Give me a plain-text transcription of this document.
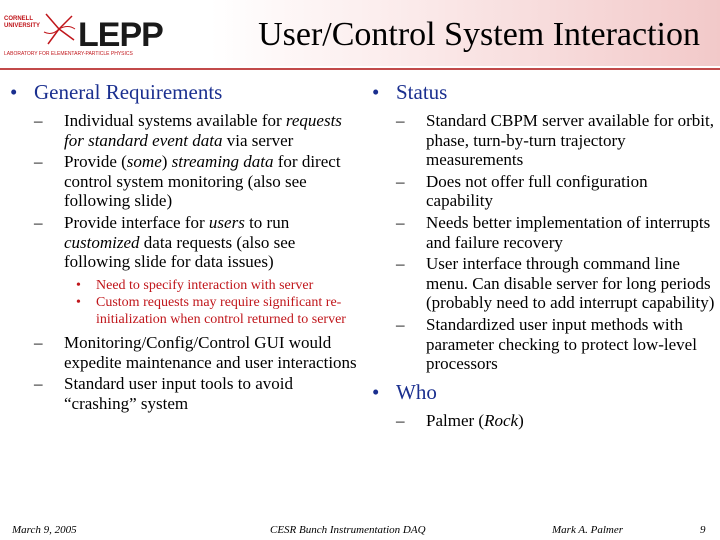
CORNELL
UNIVERSITY LEPP
LABORATORY FOR ELEMENTARY-PARTICLE PHYSICS
User/Control System Interaction
• General Requirements
– Individual systems available for requests for standard event data via server
– Provide (some) streaming data for direct control system monitoring (also see following slide)
– Provide interface for users to run customized data requests (also see following slide for data issues)
• Need to specify interaction with server
• Custom requests may require significant re-initialization when control returned to server
– Monitoring/Config/Control GUI would expedite maintenance and user interactions
– Standard user input tools to avoid “crashing” system
• Status
– Standard CBPM server available for orbit, phase, turn-by-turn trajectory measurements
– Does not offer full configuration capability
– Needs better implementation of interrupts and failure recovery
– User interface through command line menu. Can disable server for long periods (probably need to add interrupt capability)
– Standardized user input methods with parameter checking to protect low-level processors
• Who
– Palmer (Rock)
March 9, 2005	CESR Bunch Instrumentation DAQ	Mark A. Palmer	9
